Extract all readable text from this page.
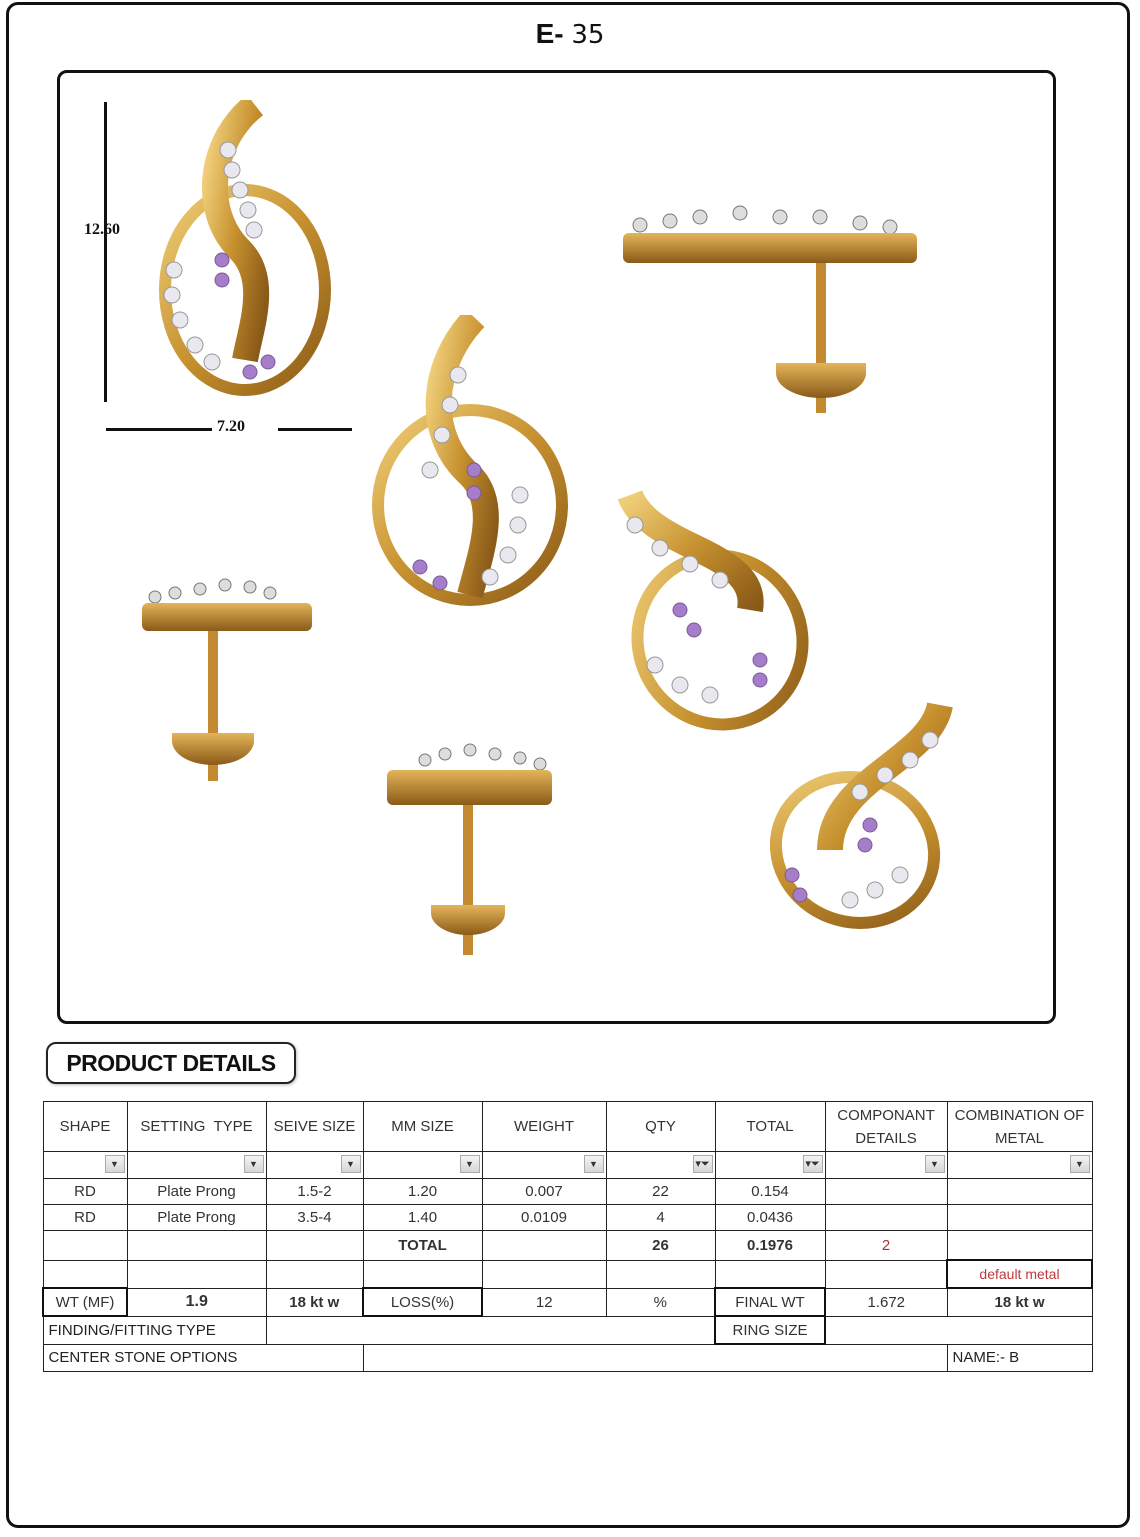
E- 35
12.60
7.20
PRODUCT DETAILS
SHAPE	SETTING  TYPE	SEIVE SIZE	MM SIZE	WEIGHT	QTY	TOTAL	COMPONANT DETAILS	COMBINATION OF METAL

▼	▼	▼	▼	▼	▾⏷	▾⏷	▼	▼

RD	Plate Prong	1.5-2	1.20	0.007	22	0.154		
RD	Plate Prong	3.5-4	1.40	0.0109	4	0.0436		
			TOTAL		26	0.1976	2	
								default metal
WT (MF)	1.9	18 kt w	LOSS(%)	12	%	FINAL WT	1.672	18 kt w
FINDING/FITTING TYPE						RING SIZE		
CENTER STONE OPTIONS								NAME:- B
